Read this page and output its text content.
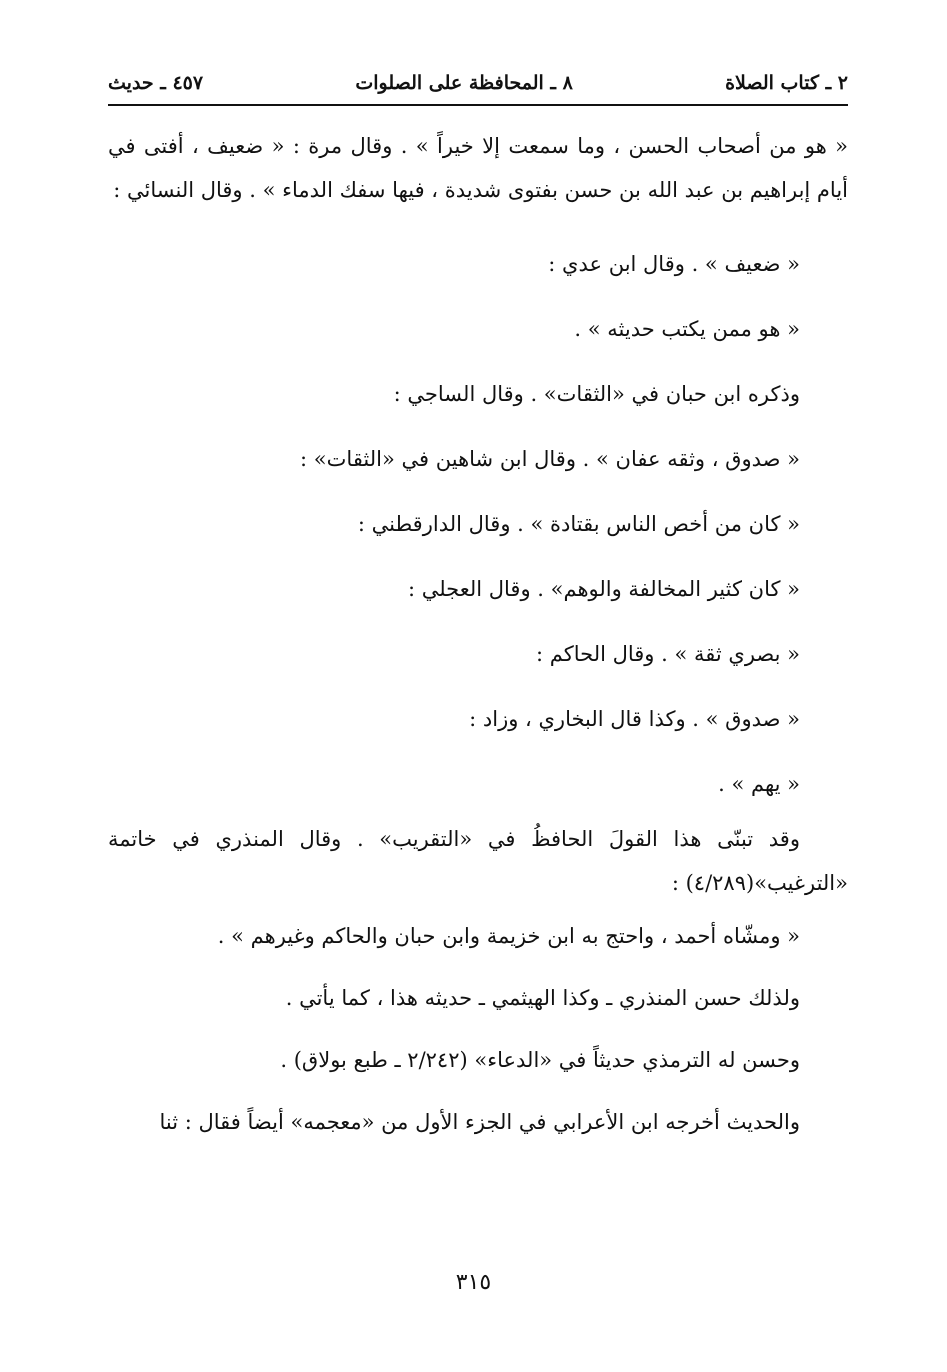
٢ ـ كتاب الصلاة
٨ ـ المحافظة على الصلوات
٤٥٧ ـ حديث

« هو من أصحاب الحسن ، وما سمعت إلا خيراً » . وقال مرة : « ضعيف ، أفتى في أيام إبراهيم بن عبد الله بن حسن بفتوى شديدة ، فيها سفك الدماء » . وقال النسائي :

« ضعيف » . وقال ابن عدي :

« هو ممن يكتب حديثه » .

وذكره ابن حبان في «الثقات» . وقال الساجي :

« صدوق ، وثقه عفان » . وقال ابن شاهين في «الثقات» :

« كان من أخص الناس بقتادة » . وقال الدارقطني :

« كان كثير المخالفة والوهم» . وقال العجلي :

« بصري ثقة » . وقال الحاكم :

« صدوق » . وكذا قال البخاري ، وزاد :

« يهم » .

وقد تبنّى هذا القولَ الحافظُ في «التقريب» . وقال المنذري في خاتمة «الترغيب»(٤/٢٨٩) :

« ومشّاه أحمد ، واحتج به ابن خزيمة وابن حبان والحاكم وغيرهم » .

ولذلك حسن المنذري ـ وكذا الهيثمي ـ حديثه هذا ، كما يأتي .

وحسن له الترمذي حديثاً في «الدعاء» (٢/٢٤٢ ـ طبع بولاق) .

والحديث أخرجه ابن الأعرابي في الجزء الأول من «معجمه» أيضاً فقال : ثنا

٣١٥
